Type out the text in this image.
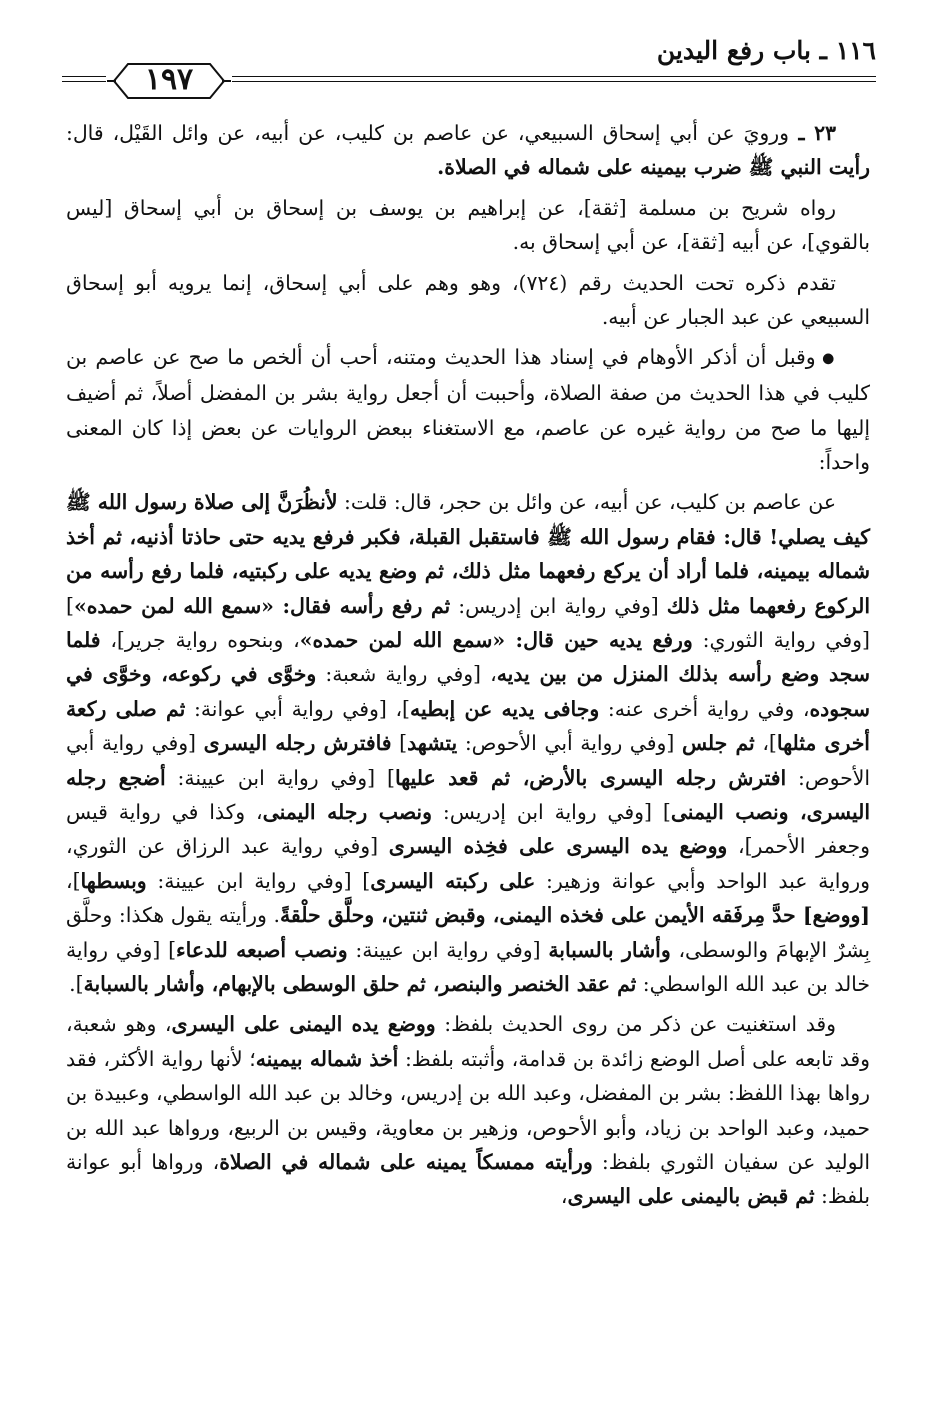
١١٦ ـ باب رفع اليدين
١٩٧

٢٣ ـ ورويَ عن أبي إسحاق السبيعي، عن عاصم بن كليب، عن أبيه، عن وائل القَيْل، قال: رأيت النبي ﷺ ضرب بيمينه على شماله في الصلاة.

رواه شريح بن مسلمة [ثقة]، عن إبراهيم بن يوسف بن إسحاق بن أبي إسحاق [ليس بالقوي]، عن أبيه [ثقة]، عن أبي إسحاق به.

تقدم ذكره تحت الحديث رقم (٧٢٤)، وهو وهم على أبي إسحاق، إنما يرويه أبو إسحاق السبيعي عن عبد الجبار عن أبيه.

● وقبل أن أذكر الأوهام في إسناد هذا الحديث ومتنه، أحب أن ألخص ما صح عن عاصم بن كليب في هذا الحديث من صفة الصلاة، وأحببت أن أجعل رواية بشر بن المفضل أصلاً، ثم أضيف إليها ما صح من رواية غيره عن عاصم، مع الاستغناء ببعض الروايات عن بعض إذا كان المعنى واحداً:

عن عاصم بن كليب، عن أبيه، عن وائل بن حجر، قال: قلت: لأنظُرَنَّ إلى صلاة رسول الله ﷺ كيف يصلي! قال: فقام رسول الله ﷺ فاستقبل القبلة، فكبر فرفع يديه حتى حاذتا أذنيه، ثم أخذ شماله بيمينه، فلما أراد أن يركع رفعهما مثل ذلك، ثم وضع يديه على ركبتيه، فلما رفع رأسه من الركوع رفعهما مثل ذلك [وفي رواية ابن إدريس: ثم رفع رأسه فقال: «سمع الله لمن حمده»] [وفي رواية الثوري: ورفع يديه حين قال: «سمع الله لمن حمده»، وبنحوه رواية جرير]، فلما سجد وضع رأسه بذلك المنزل من بين يديه، [وفي رواية شعبة: وخوَّى في ركوعه، وخوَّى في سجوده، وفي رواية أخرى عنه: وجافى يديه عن إبطيه]، [وفي رواية أبي عوانة: ثم صلى ركعة أخرى مثلها]، ثم جلس [وفي رواية أبي الأحوص: يتشهد] فافترش رجله اليسرى [وفي رواية أبي الأحوص: افترش رجله اليسرى بالأرض، ثم قعد عليها] [وفي رواية ابن عيينة: أضجع رجله اليسرى، ونصب اليمنى] [وفي رواية ابن إدريس: ونصب رجله اليمنى، وكذا في رواية قيس وجعفر الأحمر]، ووضع يده اليسرى على فخِذه اليسرى [وفي رواية عبد الرزاق عن الثوري، ورواية عبد الواحد وأبي عوانة وزهير: على ركبته اليسرى] [وفي رواية ابن عيينة: وبسطها]، [ووضع] حدَّ مِرفَقه الأيمن على فخذه اليمنى، وقبض ثنتين، وحلَّق حلْقةً. ورأيته يقول هكذا: وحلَّق بِشرٌ الإبهامَ والوسطى، وأشار بالسبابة [وفي رواية ابن عيينة: ونصب أصبعه للدعاء] [وفي رواية خالد بن عبد الله الواسطي: ثم عقد الخنصر والبنصر، ثم حلق الوسطى بالإبهام، وأشار بالسبابة].

وقد استغنيت عن ذكر من روى الحديث بلفظ: ووضع يده اليمنى على اليسرى، وهو شعبة، وقد تابعه على أصل الوضع زائدة بن قدامة، وأثبته بلفظ: أخذ شماله بيمينه؛ لأنها رواية الأكثر، فقد رواها بهذا اللفظ: بشر بن المفضل، وعبد الله بن إدريس، وخالد بن عبد الله الواسطي، وعبيدة بن حميد، وعبد الواحد بن زياد، وأبو الأحوص، وزهير بن معاوية، وقيس بن الربيع، ورواها عبد الله بن الوليد عن سفيان الثوري بلفظ: ورأيته ممسكاً يمينه على شماله في الصلاة، ورواها أبو عوانة بلفظ: ثم قبض باليمنى على اليسرى،
